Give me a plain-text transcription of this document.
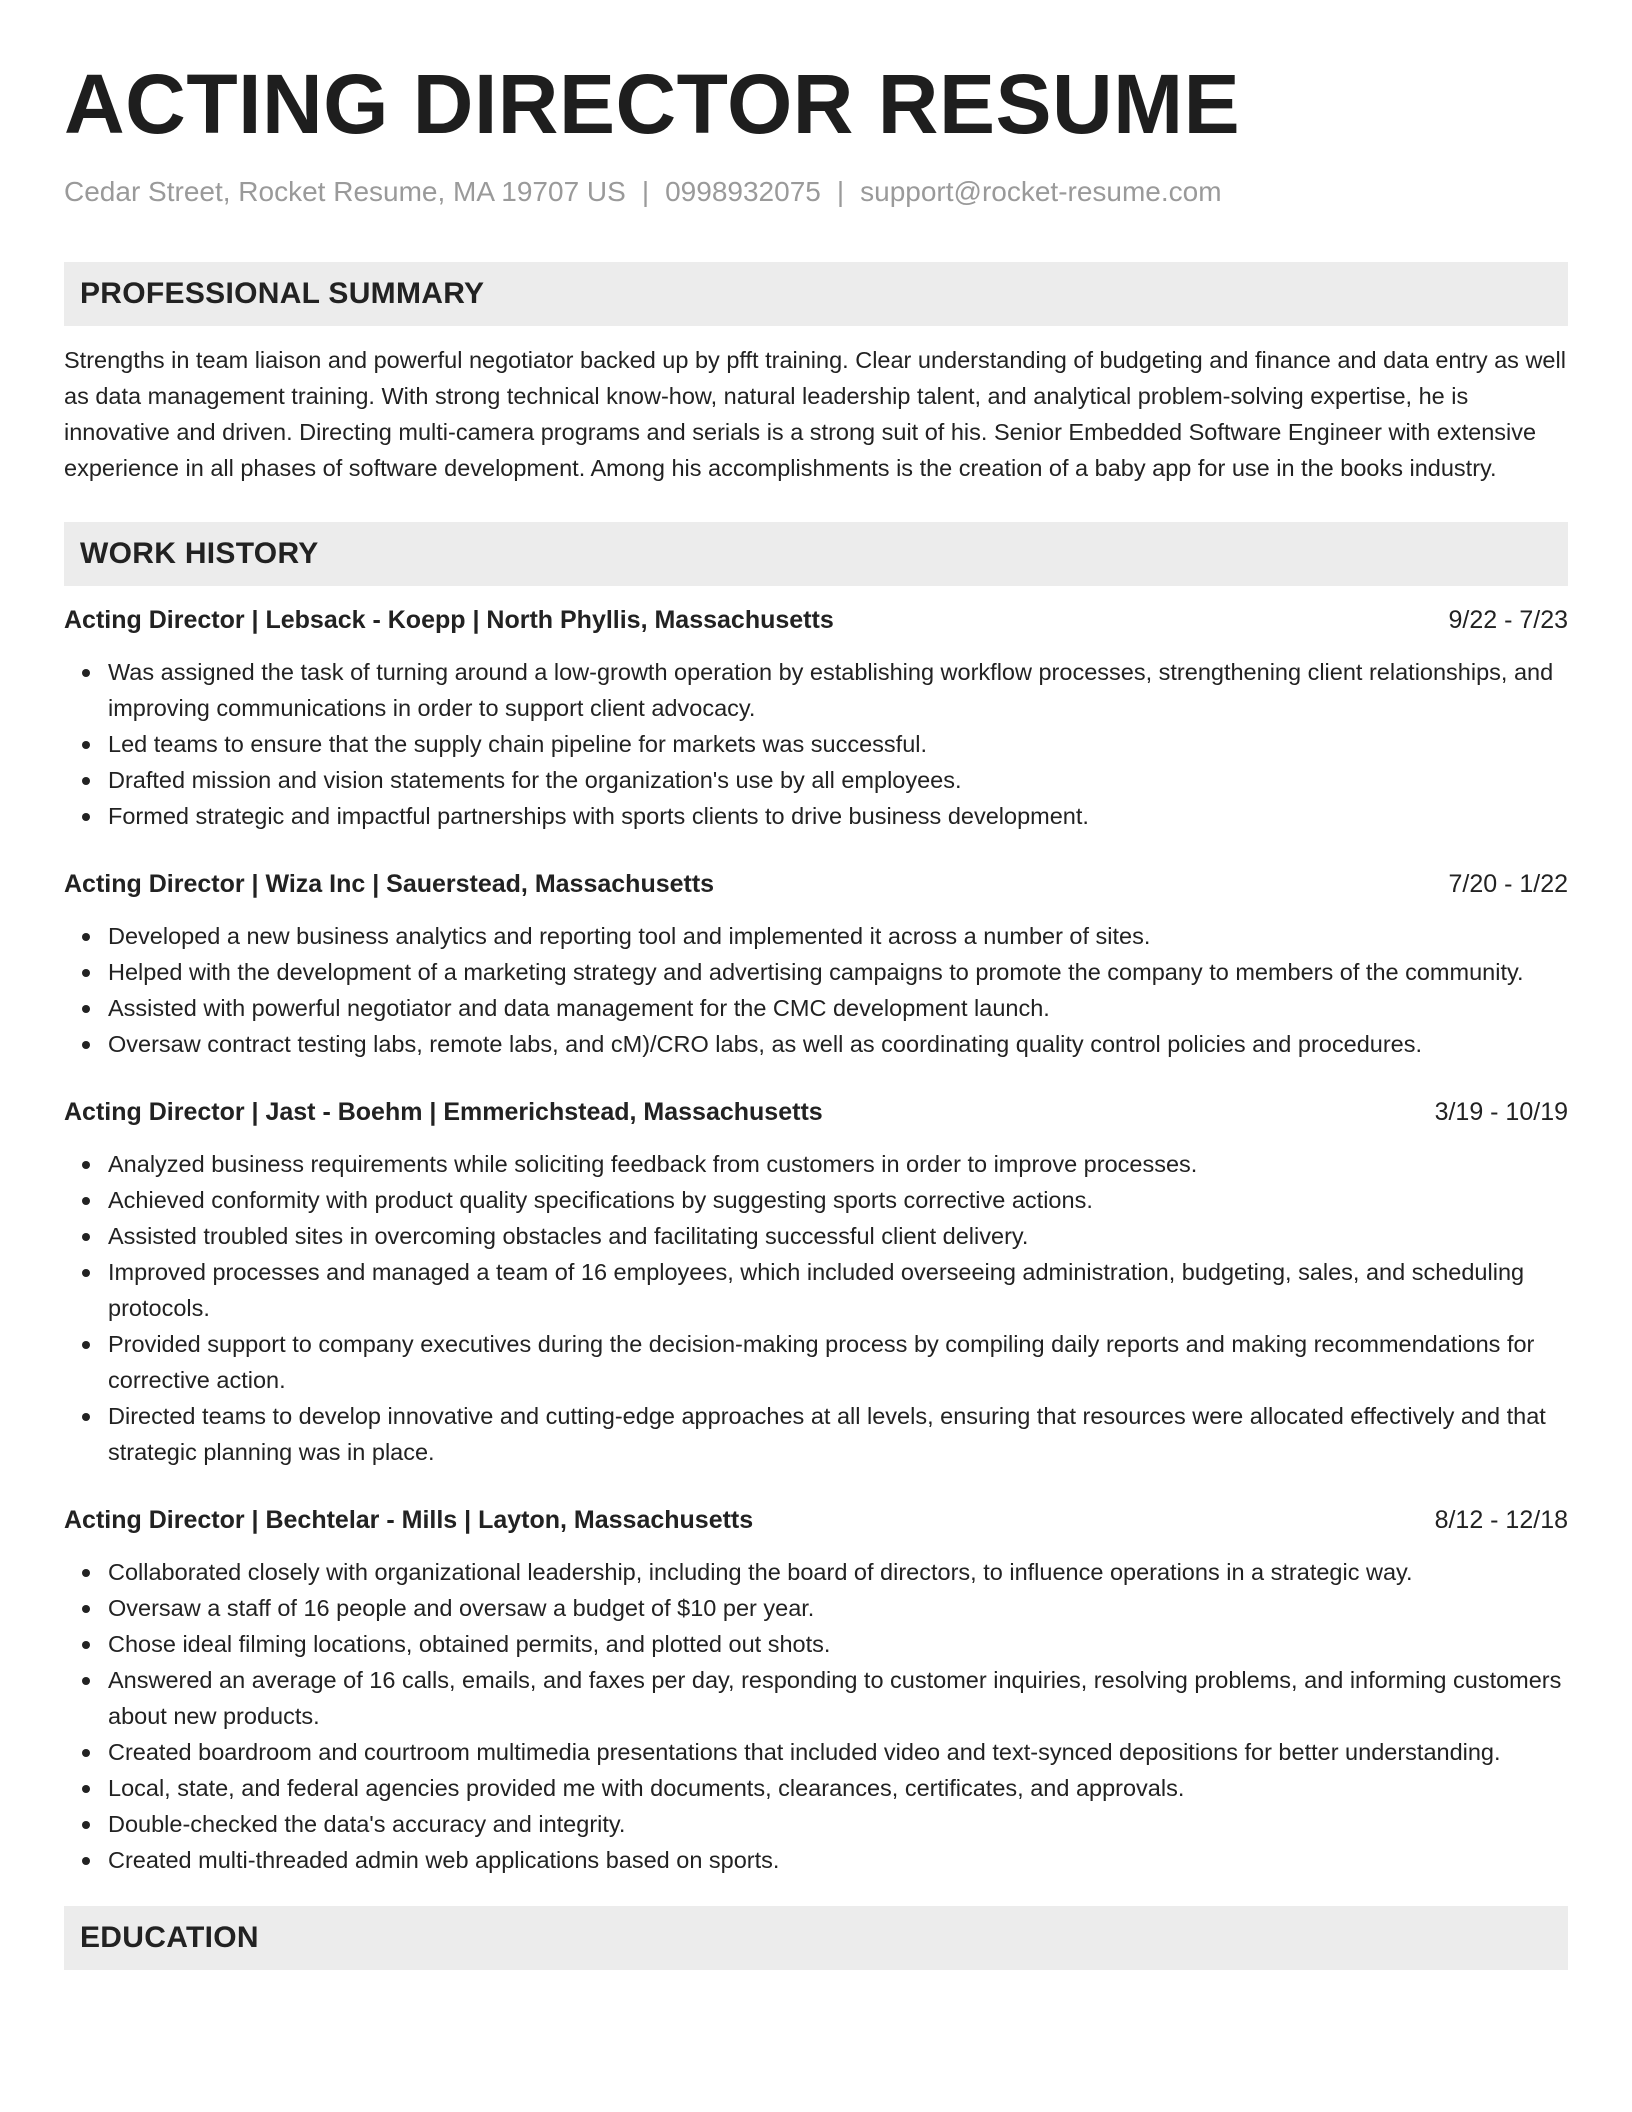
ACTING DIRECTOR RESUME
Cedar Street, Rocket Resume, MA 19707 US | 0998932075 | support@rocket-resume.com
PROFESSIONAL SUMMARY
Strengths in team liaison and powerful negotiator backed up by pfft training. Clear understanding of budgeting and finance and data entry as well as data management training. With strong technical know-how, natural leadership talent, and analytical problem-solving expertise, he is innovative and driven. Directing multi-camera programs and serials is a strong suit of his. Senior Embedded Software Engineer with extensive experience in all phases of software development. Among his accomplishments is the creation of a baby app for use in the books industry.
WORK HISTORY
Acting Director | Lebsack - Koepp | North Phyllis, Massachusetts	9/22 - 7/23
Was assigned the task of turning around a low-growth operation by establishing workflow processes, strengthening client relationships, and improving communications in order to support client advocacy.
Led teams to ensure that the supply chain pipeline for markets was successful.
Drafted mission and vision statements for the organization's use by all employees.
Formed strategic and impactful partnerships with sports clients to drive business development.
Acting Director | Wiza Inc | Sauerstead, Massachusetts	7/20 - 1/22
Developed a new business analytics and reporting tool and implemented it across a number of sites.
Helped with the development of a marketing strategy and advertising campaigns to promote the company to members of the community.
Assisted with powerful negotiator and data management for the CMC development launch.
Oversaw contract testing labs, remote labs, and cM)/CRO labs, as well as coordinating quality control policies and procedures.
Acting Director | Jast - Boehm | Emmerichstead, Massachusetts	3/19 - 10/19
Analyzed business requirements while soliciting feedback from customers in order to improve processes.
Achieved conformity with product quality specifications by suggesting sports corrective actions.
Assisted troubled sites in overcoming obstacles and facilitating successful client delivery.
Improved processes and managed a team of 16 employees, which included overseeing administration, budgeting, sales, and scheduling protocols.
Provided support to company executives during the decision-making process by compiling daily reports and making recommendations for corrective action.
Directed teams to develop innovative and cutting-edge approaches at all levels, ensuring that resources were allocated effectively and that strategic planning was in place.
Acting Director | Bechtelar - Mills | Layton, Massachusetts	8/12 - 12/18
Collaborated closely with organizational leadership, including the board of directors, to influence operations in a strategic way.
Oversaw a staff of 16 people and oversaw a budget of $10 per year.
Chose ideal filming locations, obtained permits, and plotted out shots.
Answered an average of 16 calls, emails, and faxes per day, responding to customer inquiries, resolving problems, and informing customers about new products.
Created boardroom and courtroom multimedia presentations that included video and text-synced depositions for better understanding.
Local, state, and federal agencies provided me with documents, clearances, certificates, and approvals.
Double-checked the data's accuracy and integrity.
Created multi-threaded admin web applications based on sports.
EDUCATION
